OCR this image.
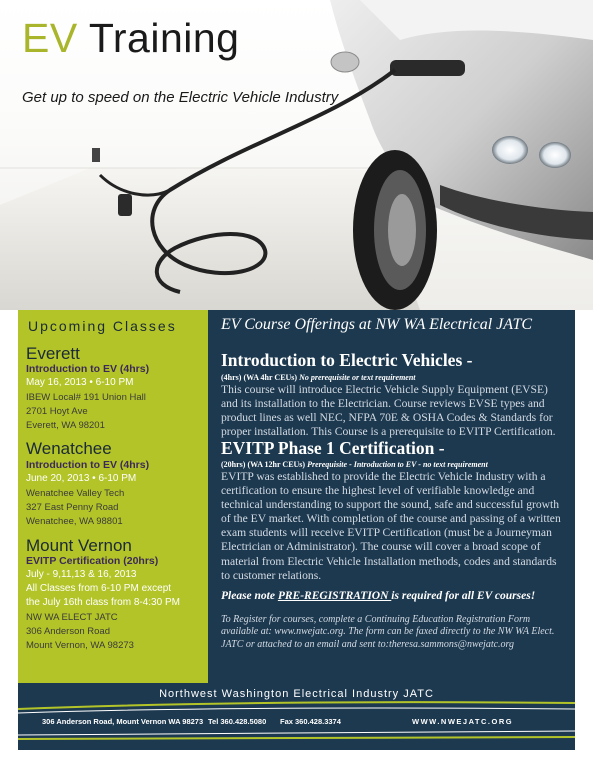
EV Training

Get up to speed on the Electric Vehicle Industry

Upcoming Classes
Everett
Introduction to EV (4hrs)
May 16, 2013 • 6-10 PM
IBEW Local# 191 Union Hall
2701 Hoyt Ave
Everett, WA 98201
Wenatchee
Introduction to EV (4hrs)
June 20, 2013 • 6-10 PM
Wenatchee Valley Tech
327 East Penny Road
Wenatchee, WA 98801
Mount Vernon
EVITP Certification (20hrs)
July - 9,11,13 & 16, 2013
All Classes from 6-10 PM except
the July 16th class from 8-4:30 PM
NW WA ELECT JATC
306 Anderson Road
Mount Vernon, WA 98273
EV Course Offerings at NW WA Electrical JATC
Introduction to Electric Vehicles -
(4hrs) (WA 4hr CEUs) No prerequisite or text requirement

This course will introduce Electric Vehicle Supply Equipment (EVSE) and its installation to the Electrician. Course reviews EVSE types and product lines as well NEC, NFPA 70E & OSHA Codes & Standards for proper installation. This Course is a prerequisite to EVITP Certification.

EVITP Phase 1 Certification -
(20hrs) (WA 12hr CEUs) Prerequisite - Introduction to EV - no text requirement

EVITP was established to provide the Electric Vehicle Industry with a certification to ensure the highest level of verifiable knowledge and technical understanding to support the sound, safe and successful growth of the EV market. With completion of the course and passing of a written exam students will receive EVITP Certification (must be a Journeyman Electrician or Administrator). The course will cover a broad scope of material from Electric Vehicle Installation methods, codes and standards to customer relations.

Please note PRE-REGISTRATION is required for all EV courses!

To Register for courses, complete a Continuing Education Registration Form available at: www.nwejatc.org. The form can be faxed directly to the NW WA Elect. JATC or attached to an email and sent to:theresa.sammons@nwejatc.org

Northwest Washington Electrical Industry JATC
306 Anderson Road, Mount Vernon WA 98273 Tel 360.428.5080 Fax 360.428.3374	WWW.NWEJATC.ORG
